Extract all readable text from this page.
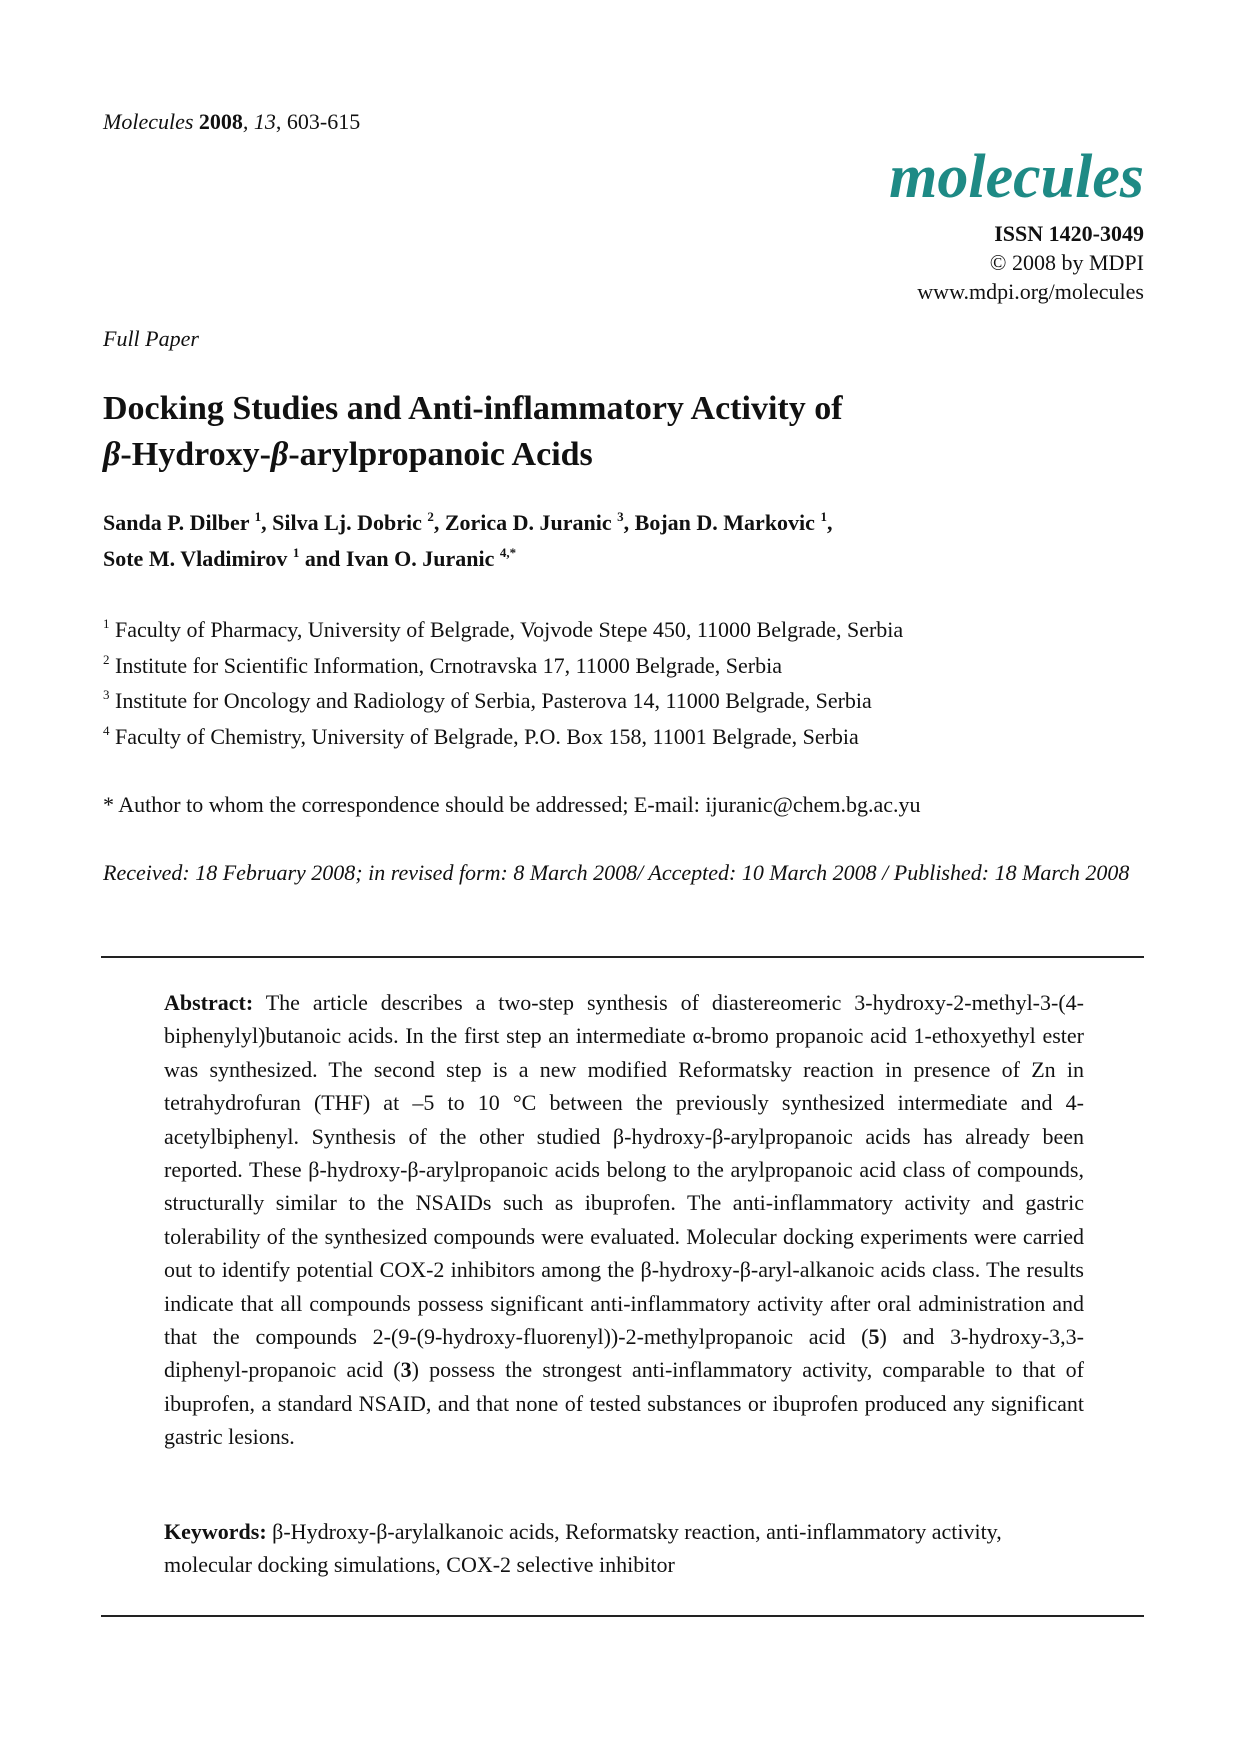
Molecules 2008, 13, 603-615
molecules
ISSN 1420-3049
© 2008 by MDPI
www.mdpi.org/molecules
Full Paper
Docking Studies and Anti-inflammatory Activity of
β-Hydroxy-β-arylpropanoic Acids
Sanda P. Dilber $^1$, Silva Lj. Dobric $^2$, Zorica D. Juranic $^3$, Bojan D. Markovic $^1$,
Sote M. Vladimirov $^1$ and Ivan O. Juranic $^{4,*}$
$^1$ Faculty of Pharmacy, University of Belgrade, Vojvode Stepe 450, 11000 Belgrade, Serbia
$^2$ Institute for Scientific Information, Crnotravska 17, 11000 Belgrade, Serbia
$^3$ Institute for Oncology and Radiology of Serbia, Pasterova 14, 11000 Belgrade, Serbia
$^4$ Faculty of Chemistry, University of Belgrade, P.O. Box 158, 11001 Belgrade, Serbia
* Author to whom the correspondence should be addressed; E-mail: ijuranic@chem.bg.ac.yu
Received: 18 February 2008; in revised form: 8 March 2008/ Accepted: 10 March 2008 / Published: 18 March 2008
Abstract: The article describes a two-step synthesis of diastereomeric 3-hydroxy-2-methyl-3-(4-biphenylyl)butanoic acids. In the first step an intermediate α-bromo propanoic acid 1-ethoxyethyl ester was synthesized. The second step is a new modified Reformatsky reaction in presence of Zn in tetrahydrofuran (THF) at –5 to 10 °C between the previously synthesized intermediate and 4-acetylbiphenyl. Synthesis of the other studied β-hydroxy-β-arylpropanoic acids has already been reported. These β-hydroxy-β-arylpropanoic acids belong to the arylpropanoic acid class of compounds, structurally similar to the NSAIDs such as ibuprofen. The anti-inflammatory activity and gastric tolerability of the synthesized compounds were evaluated. Molecular docking experiments were carried out to identify potential COX-2 inhibitors among the β-hydroxy-β-aryl-alkanoic acids class. The results indicate that all compounds possess significant anti-inflammatory activity after oral administration and that the compounds 2-(9-(9-hydroxy-fluorenyl))-2-methylpropanoic acid (5) and 3-hydroxy-3,3-diphenyl-propanoic acid (3) possess the strongest anti-inflammatory activity, comparable to that of ibuprofen, a standard NSAID, and that none of tested substances or ibuprofen produced any significant gastric lesions.
Keywords: β-Hydroxy-β-arylalkanoic acids, Reformatsky reaction, anti-inflammatory activity, molecular docking simulations, COX-2 selective inhibitor
